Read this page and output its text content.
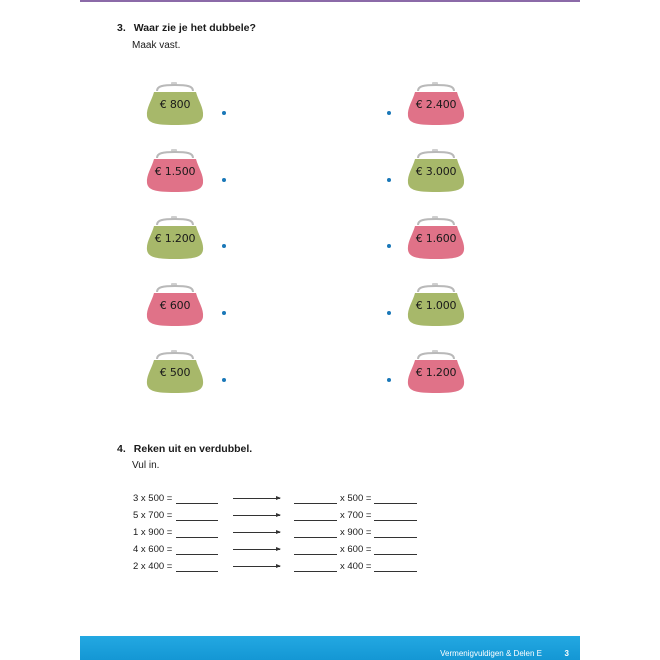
3. Waar zie je het dubbele?
Maak vast.
€ 800
€ 1.500
€ 1.200
€ 600
€ 500
€ 2.400
€ 3.000
€ 1.600
€ 1.000
€ 1.200
4. Reken uit en verdubbel.
Vul in.
3 x 500 =	x 500 =
5 x 700 =	x 700 =
1 x 900 =	x 900 =
4 x 600 =	x 600 =
2 x 400 =	x 400 =
Vermenigvuldigen & Delen E	3
